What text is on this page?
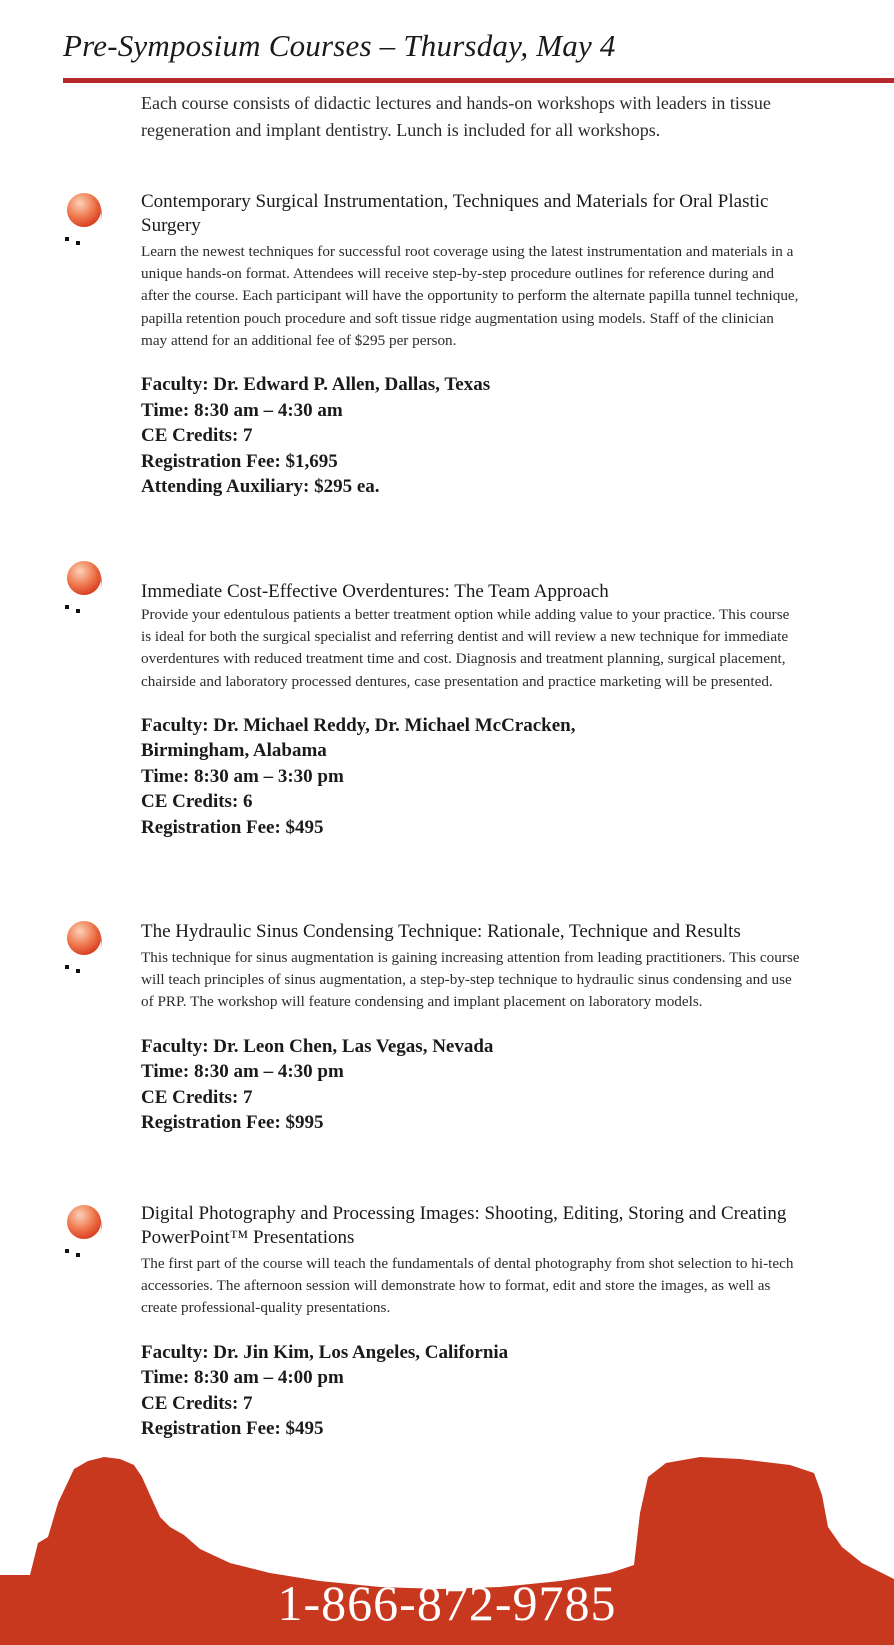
Pre-Symposium Courses – Thursday, May 4

Each course consists of didactic lectures and hands-on workshops with leaders in tissue regeneration and implant dentistry. Lunch is included for all workshops.

Contemporary Surgical Instrumentation, Techniques and Materials for Oral Plastic Surgery

Learn the newest techniques for successful root coverage using the latest instrumentation and materials in a unique hands-on format. Attendees will receive step-by-step procedure outlines for reference during and after the course. Each participant will have the opportunity to perform the alternate papilla tunnel technique, papilla retention pouch procedure and soft tissue ridge augmentation using models. Staff of the clinician may attend for an additional fee of $295 per person.

Faculty: Dr. Edward P. Allen, Dallas, Texas
Time: 8:30 am – 4:30 am
CE Credits: 7
Registration Fee: $1,695
Attending Auxiliary: $295 ea.
Immediate Cost-Effective Overdentures: The Team Approach

Provide your edentulous patients a better treatment option while adding value to your practice. This course is ideal for both the surgical specialist and referring dentist and will review a new technique for immediate overdentures with reduced treatment time and cost. Diagnosis and treatment planning, surgical placement, chairside and laboratory processed dentures, case presentation and practice marketing will be presented.

Faculty: Dr. Michael Reddy, Dr. Michael McCracken,
Birmingham, Alabama
Time: 8:30 am – 3:30 pm
CE Credits: 6
Registration Fee: $495
The Hydraulic Sinus Condensing Technique: Rationale, Technique and Results

This technique for sinus augmentation is gaining increasing attention from leading practitioners. This course will teach principles of sinus augmentation, a step-by-step technique to hydraulic sinus condensing and use of PRP. The workshop will feature condensing and implant placement on laboratory models.

Faculty: Dr. Leon Chen, Las Vegas, Nevada
Time: 8:30 am – 4:30 pm
CE Credits: 7
Registration Fee: $995
Digital Photography and Processing Images: Shooting, Editing, Storing and Creating PowerPoint™ Presentations

The first part of the course will teach the fundamentals of dental photography from shot selection to hi-tech accessories. The afternoon session will demonstrate how to format, edit and store the images, as well as create professional-quality presentations.

Faculty: Dr. Jin Kim, Los Angeles, California
Time: 8:30 am – 4:00 pm
CE Credits: 7
Registration Fee: $495
1-866-872-9785
